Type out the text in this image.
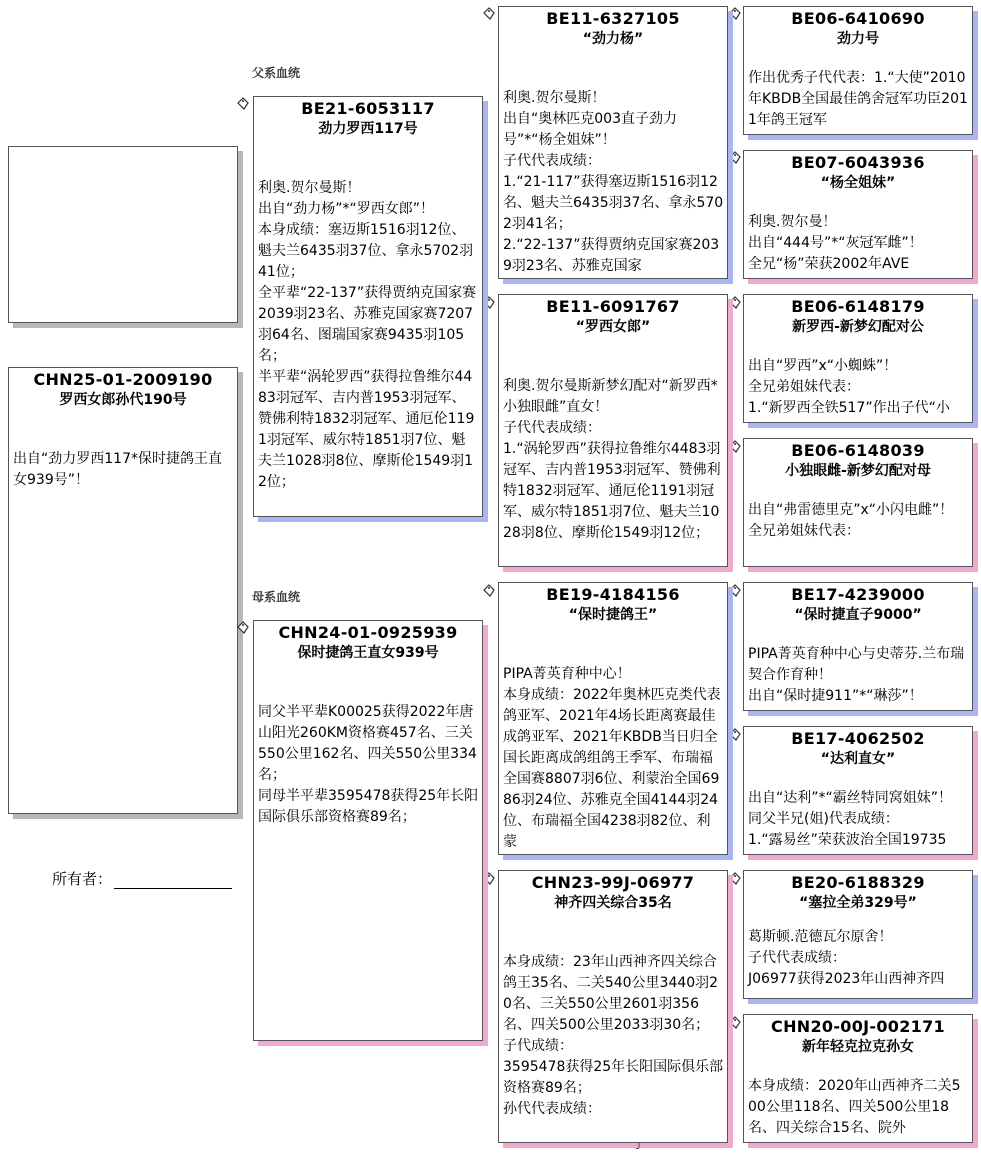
CHN25-01-2009190
罗西女郎孙代190号

出自“劲力罗西117*保时捷鸽王直女939号”！
所有者：
父系血统
母系血统
BE21-6053117
劲力罗西117号

利奥.贺尔曼斯！
出自“劲力杨”*“罗西女郎”！
本身成绩：塞迈斯1516羽12位、魁夫兰6435羽37位、拿永5702羽41位；
全平辈“22-137”获得贾纳克国家赛2039羽23名、苏雅克国家赛7207羽64名、图瑞国家赛9435羽105名；
半平辈“涡轮罗西”获得拉鲁维尔4483羽冠军、吉内普1953羽冠军、赞佛利特1832羽冠军、通厄伦1191羽冠军、威尔特1851羽7位、魁夫兰1028羽8位、摩斯伦1549羽12位；
CHN24-01-0925939
保时捷鸽王直女939号

同父半平辈K00025获得2022年唐山阳光260KM资格赛457名、三关550公里162名、四关550公里334名；
同母半平辈3595478获得25年长阳国际俱乐部资格赛89名；
BE11-6327105
“劲力杨”

利奥.贺尔曼斯！
出自“奥林匹克003直子劲力号”*“杨全姐妹”！
子代代表成绩：
1.“21-117”获得塞迈斯1516羽12名、魁夫兰6435羽37名、拿永5702羽41名；
2.“22-137”获得贾纳克国家赛2039羽23名、苏雅克国家
BE11-6091767
“罗西女郎”

利奥.贺尔曼斯新梦幻配对“新罗西*小独眼雌”直女！
子代代表成绩：
1.“涡轮罗西”获得拉鲁维尔4483羽冠军、吉内普1953羽冠军、赞佛利特1832羽冠军、通厄伦1191羽冠军、威尔特1851羽7位、魁夫兰1028羽8位、摩斯伦1549羽12位；
BE19-4184156
“保时捷鸽王”

PIPA菁英育种中心！
本身成绩：2022年奥林匹克类代表鸽亚军、2021年4场长距离赛最佳成鸽亚军、2021年KBDB当日归全国长距离成鸽组鸽王季军、布瑞福全国赛8807羽6位、利蒙治全国6986羽24位、苏雅克全国4144羽24位、布瑞福全国4238羽82位、利蒙
CHN23-99J-06977
神齐四关综合35名

本身成绩：23年山西神齐四关综合鸽王35名、二关540公里3440羽20名、三关550公里2601羽356名、四关500公里2033羽30名；
子代成绩：
3595478获得25年长阳国际俱乐部资格赛89名；
孙代代表成绩：
BE06-6410690
劲力号

作出优秀子代代表：1.“大使”2010年KBDB全国最佳鸽舍冠军功臣2011年鸽王冠军
BE07-6043936
“杨全姐妹”

利奥.贺尔曼！
出自“444号”*“灰冠军雌”！
全兄“杨”荣获2002年AVE
BE06-6148179
新罗西-新梦幻配对公

出自“罗西”x“小蜘蛛”！
全兄弟姐妹代表：
1.“新罗西全铁517”作出子代“小
BE06-6148039
小独眼雌-新梦幻配对母

出自“弗雷德里克”x“小闪电雌”！
全兄弟姐妹代表：
BE17-4239000
“保时捷直子9000”

PIPA菁英育种中心与史蒂芬.兰布瑞契合作育种！
出自“保时捷911”*“琳莎”！
BE17-4062502
“达利直女”

出自“达利”*“霸丝特同窝姐妹”！
同父半兄(姐)代表成绩：
1.“露易丝”荣获波治全国19735
BE20-6188329
“塞拉全弟329号”
葛斯顿.范德瓦尔原舍！
子代代表成绩：
J06977获得2023年山西神齐四
CHN20-00J-002171
新年轻克拉克孙女

本身成绩：2020年山西神齐二关500公里118名、四关500公里18名、四关综合15名、院外
╯
